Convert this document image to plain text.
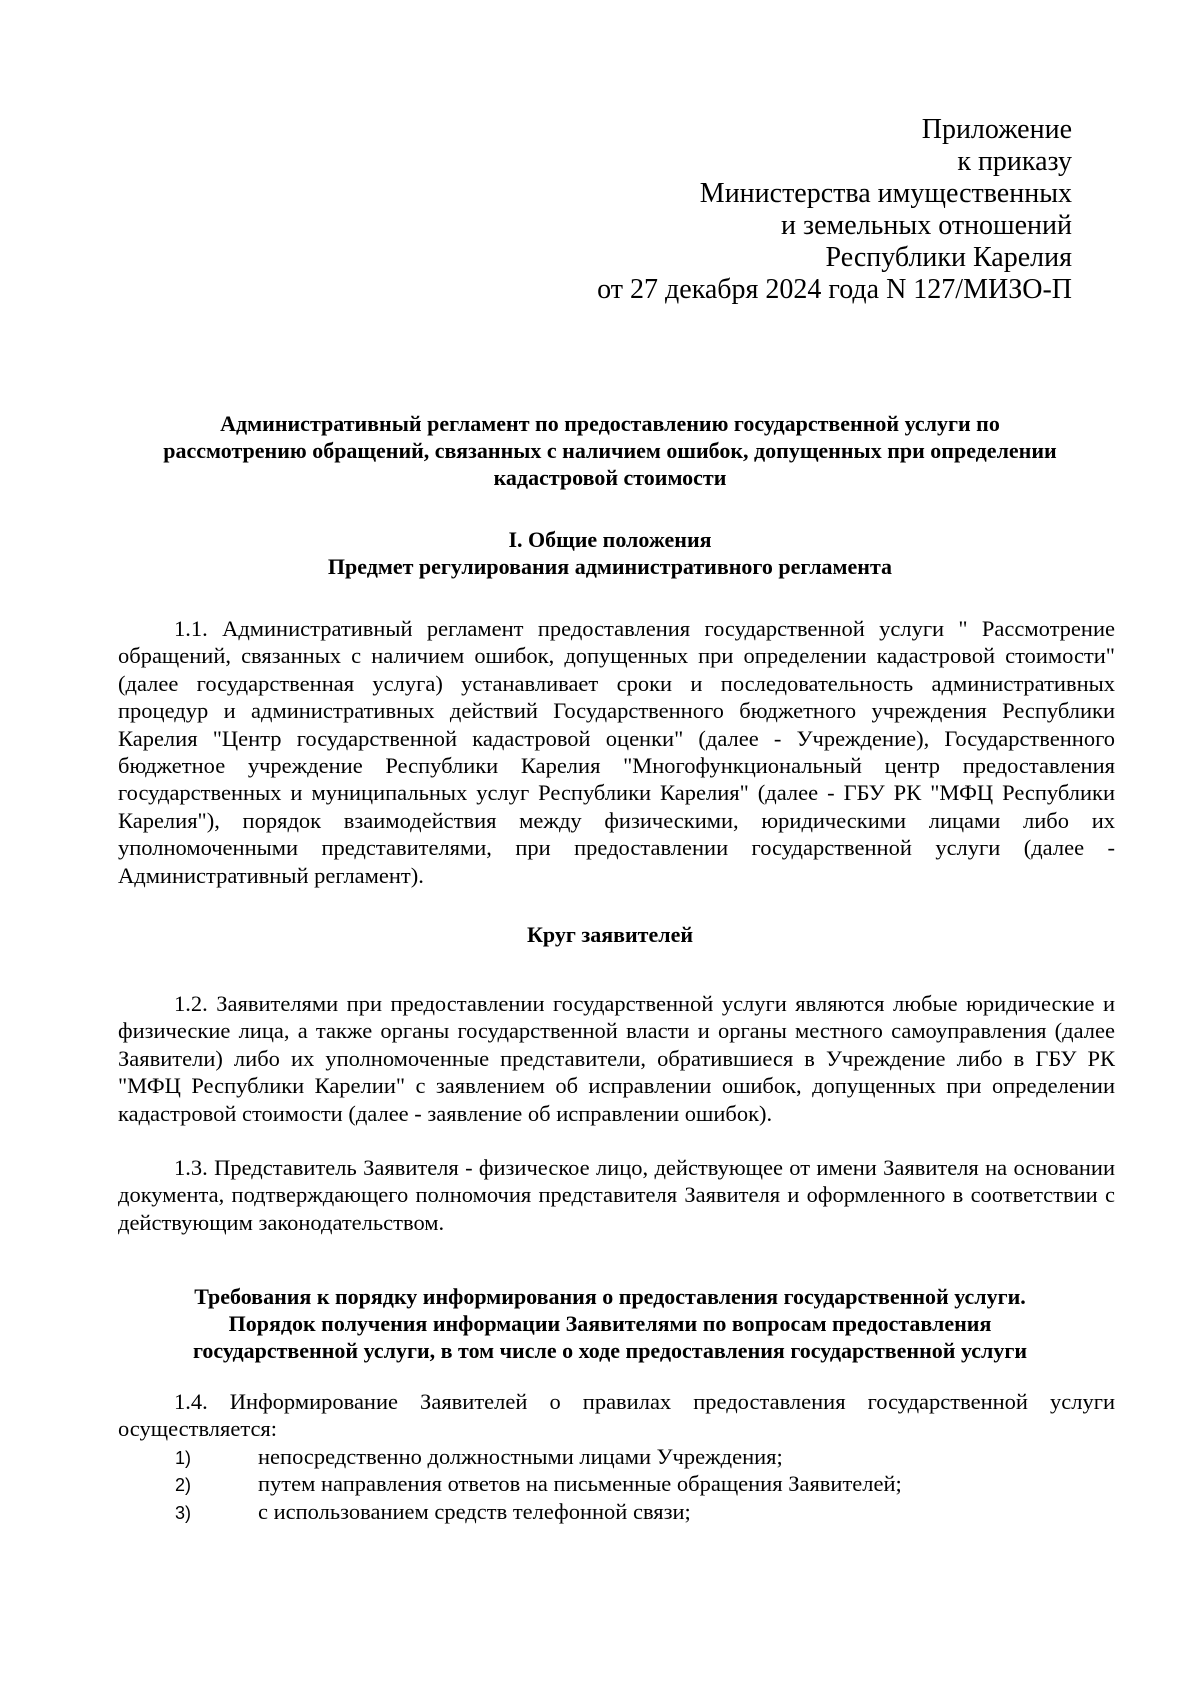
Приложение
к приказу
Министерства имущественных
и земельных отношений
Республики Карелия
от 27 декабря 2024 года N 127/МИЗО-П
Административный регламент по предоставлению государственной услуги по
рассмотрению обращений, связанных с наличием ошибок, допущенных при определении
кадастровой стоимости
I. Общие положения
Предмет регулирования административного регламента

1.1. Административный регламент предоставления государственной услуги " Рассмотрение обращений, связанных с наличием ошибок, допущенных при определении кадастровой стоимости" (далее государственная услуга) устанавливает сроки и последовательность административных процедур и административных действий Государственного бюджетного учреждения Республики Карелия "Центр государственной кадастровой оценки" (далее - Учреждение), Государственного бюджетное учреждение Республики Карелия "Многофункциональный центр предоставления государственных и муниципальных услуг Республики Карелия" (далее - ГБУ РК "МФЦ Республики Карелия"), порядок взаимодействия между физическими, юридическими лицами либо их уполномоченными представителями, при предоставлении государственной услуги (далее - Административный регламент).

Круг заявителей

1.2. Заявителями при предоставлении государственной услуги являются любые юридические и физические лица, а также органы государственной власти и органы местного самоуправления (далее Заявители) либо их уполномоченные представители, обратившиеся в Учреждение либо в ГБУ РК "МФЦ Республики Карелии" с заявлением об исправлении ошибок, допущенных при определении кадастровой стоимости (далее - заявление об исправлении ошибок).

1.3. Представитель Заявителя - физическое лицо, действующее от имени Заявителя на основании документа, подтверждающего полномочия представителя Заявителя и оформленного в соответствии с действующим законодательством.

Требования к порядку информирования о предоставления государственной услуги.
Порядок получения информации Заявителями по вопросам предоставления
государственной услуги, в том числе о ходе предоставления государственной услуги

1.4. Информирование Заявителей о правилах предоставления государственной услуги осуществляется:

1)	непосредственно должностными лицами Учреждения;
2)	путем направления ответов на письменные обращения Заявителей;
3)	с использованием средств телефонной связи;
